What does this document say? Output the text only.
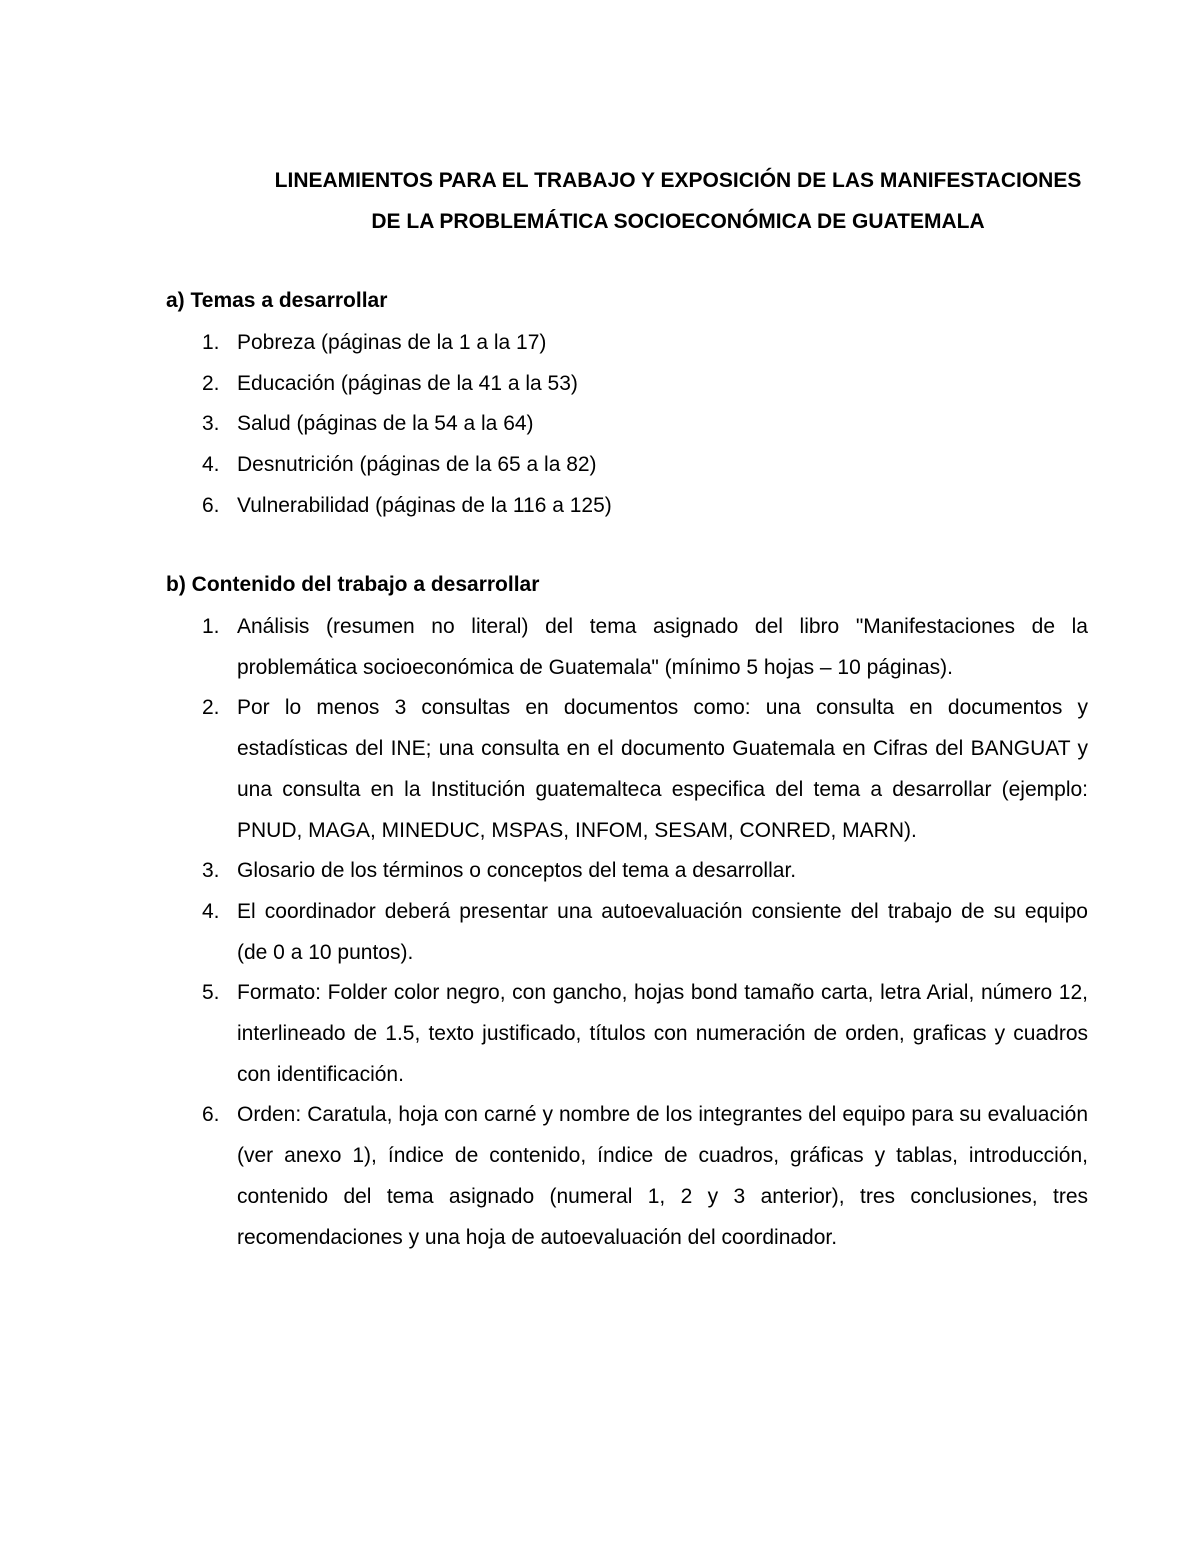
LINEAMIENTOS PARA EL TRABAJO Y EXPOSICIÓN DE LAS MANIFESTACIONES
DE LA PROBLEMÁTICA SOCIOECONÓMICA DE GUATEMALA
a) Temas a desarrollar
1. Pobreza (páginas de la 1 a la 17)
2. Educación (páginas de la 41 a la 53)
3. Salud (páginas de la 54 a la 64)
4. Desnutrición (páginas de la 65 a la 82)
6. Vulnerabilidad (páginas de la 116 a 125)
b) Contenido del trabajo a desarrollar
1. Análisis (resumen no literal) del tema asignado del libro "Manifestaciones de la problemática socioeconómica de Guatemala" (mínimo 5 hojas – 10 páginas).
2. Por lo menos 3 consultas en documentos como: una consulta en documentos y estadísticas del INE; una consulta en el documento Guatemala en Cifras del BANGUAT y una consulta en la Institución guatemalteca especifica del tema a desarrollar (ejemplo: PNUD, MAGA, MINEDUC, MSPAS, INFOM, SESAM, CONRED, MARN).
3. Glosario de los términos o conceptos del tema a desarrollar.
4. El coordinador deberá presentar una autoevaluación consiente del trabajo de su equipo (de 0 a 10 puntos).
5. Formato: Folder color negro, con gancho, hojas bond tamaño carta, letra Arial, número 12, interlineado de 1.5, texto justificado, títulos con numeración de orden, graficas y cuadros con identificación.
6. Orden: Caratula, hoja con carné y nombre de los integrantes del equipo para su evaluación (ver anexo 1), índice de contenido, índice de cuadros, gráficas y tablas, introducción, contenido del tema asignado (numeral 1, 2 y 3 anterior), tres conclusiones, tres recomendaciones y una hoja de autoevaluación del coordinador.
